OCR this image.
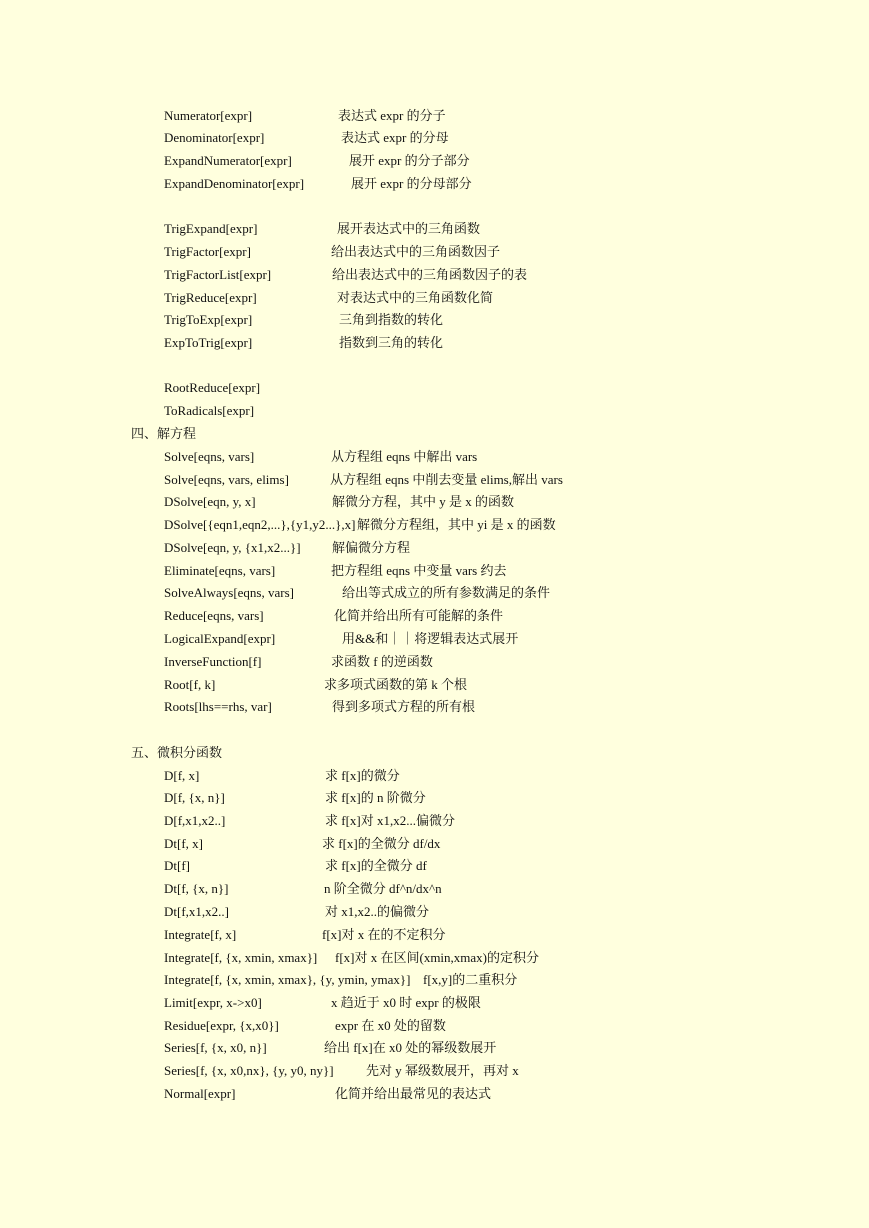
Numerator[expr]	表达式 expr 的分子
Denominator[expr]	表达式 expr 的分母
ExpandNumerator[expr]	展开 expr 的分子部分
ExpandDenominator[expr]	展开 expr 的分母部分
TrigExpand[expr]	展开表达式中的三角函数
TrigFactor[expr]	给出表达式中的三角函数因子
TrigFactorList[expr]	给出表达式中的三角函数因子的表
TrigReduce[expr]	对表达式中的三角函数化简
TrigToExp[expr]	三角到指数的转化
ExpToTrig[expr]	指数到三角的转化
RootReduce[expr]
ToRadicals[expr]
四、解方程
Solve[eqns, vars]	从方程组 eqns 中解出 vars
Solve[eqns, vars, elims]	从方程组 eqns 中削去变量 elims,解出 vars
DSolve[eqn, y, x]	解微分方程，其中 y 是 x 的函数
DSolve[{eqn1,eqn2,...},{y1,y2...},x] 解微分方程组，其中 yi 是 x 的函数
DSolve[eqn, y, {x1,x2...}] 解偏微分方程
Eliminate[eqns, vars]	把方程组 eqns 中变量 vars 约去
SolveAlways[eqns, vars]	给出等式成立的所有参数满足的条件
Reduce[eqns, vars]	化简并给出所有可能解的条件
LogicalExpand[expr]	用&&和｜｜将逻辑表达式展开
InverseFunction[f]	求函数 f 的逆函数
Root[f, k]	求多项式函数的第 k 个根
Roots[lhs==rhs, var]	得到多项式方程的所有根
五、微积分函数
D[f, x]	求 f[x]的微分
D[f, {x, n}]	求 f[x]的 n 阶微分
D[f,x1,x2..]	求 f[x]对 x1,x2...偏微分
Dt[f, x]	求 f[x]的全微分 df/dx
Dt[f]	求 f[x]的全微分 df
Dt[f, {x, n}]	n 阶全微分 df^n/dx^n
Dt[f,x1,x2..]	对 x1,x2..的偏微分
Integrate[f, x]	f[x]对 x 在的不定积分
Integrate[f, {x, xmin, xmax}] f[x]对 x 在区间(xmin,xmax)的定积分
Integrate[f, {x, xmin, xmax}, {y, ymin, ymax}] f[x,y]的二重积分
Limit[expr, x->x0]	x 趋近于 x0 时 expr 的极限
Residue[expr, {x,x0}]	expr 在 x0 处的留数
Series[f, {x, x0, n}]	给出 f[x]在 x0 处的幂级数展开
Series[f, {x, x0,nx}, {y, y0, ny}] 先对 y 幂级数展开，再对 x
Normal[expr]	化简并给出最常见的表达式
